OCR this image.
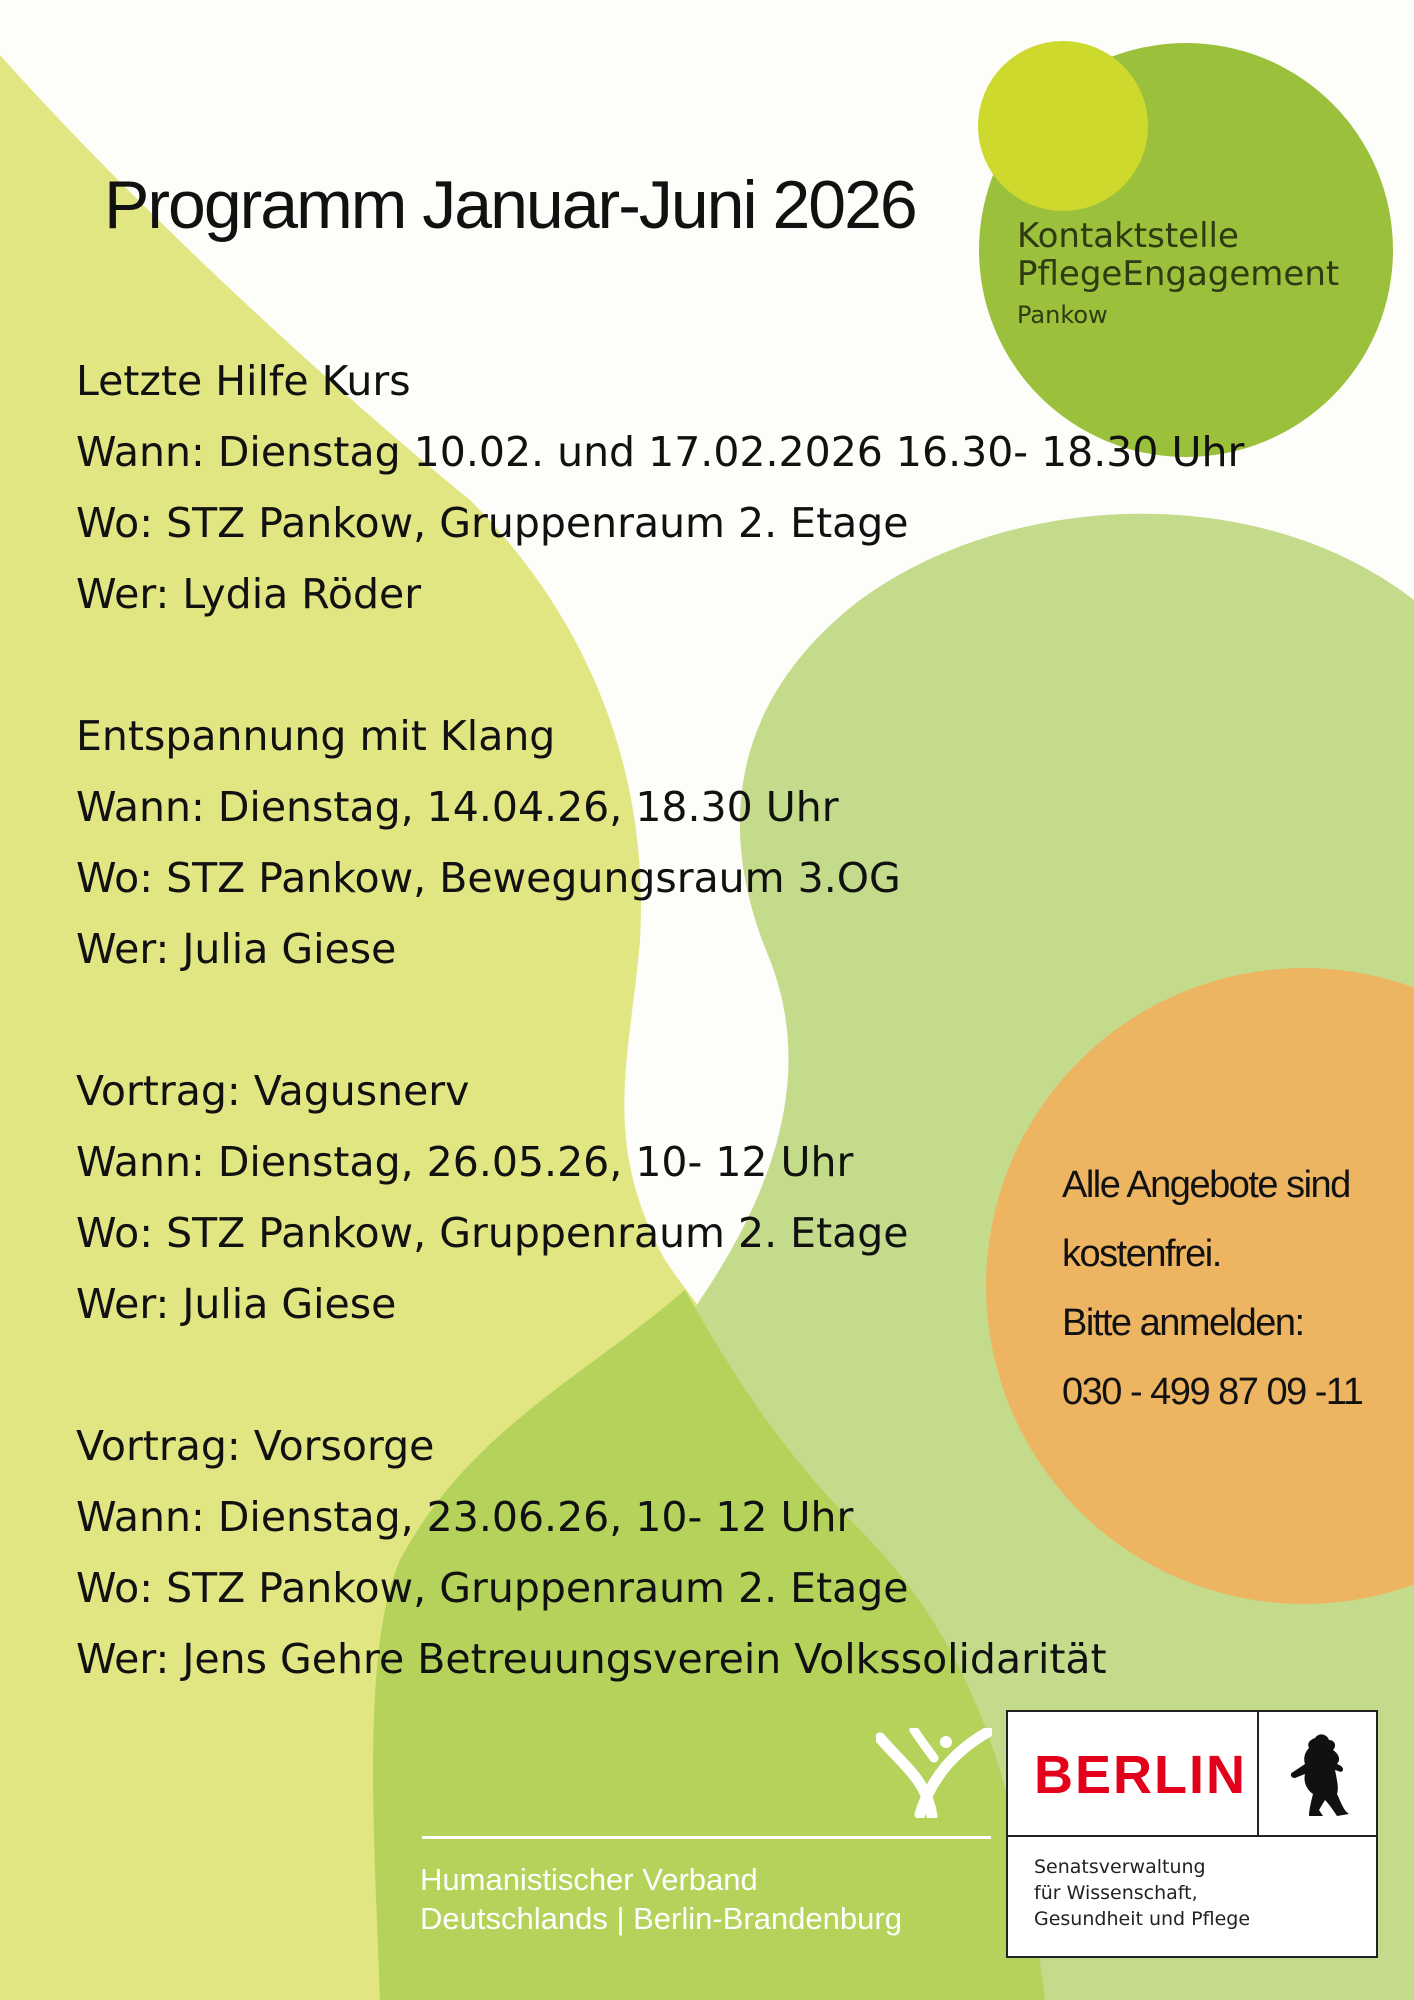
Programm Januar-Juni 2026	Kontaktstelle
PflegeEngagement
Pankow
Letzte Hilfe Kurs
Wann: Dienstag 10.02. und 17.02.2026 16.30- 18.30 Uhr
Wo: STZ Pankow, Gruppenraum 2. Etage
Wer: Lydia Röder
Entspannung mit Klang
Wann: Dienstag, 14.04.26, 18.30 Uhr
Wo: STZ Pankow, Bewegungsraum 3.OG
Wer: Julia Giese
Vortrag: Vagusnerv
Wann: Dienstag, 26.05.26, 10- 12 Uhr
Wo: STZ Pankow, Gruppenraum 2. Etage
Wer: Julia Giese
Vortrag: Vorsorge
Wann: Dienstag, 23.06.26, 10- 12 Uhr
Wo: STZ Pankow, Gruppenraum 2. Etage
Wer: Jens Gehre Betreuungsverein Volkssolidarität
Alle Angebote sind
kostenfrei.
Bitte anmelden:
030 - 499 87 09 -11
Humanistischer Verband
Deutschlands | Berlin-Brandenburg
BERLIN
Senatsverwaltung
für Wissenschaft,
Gesundheit und Pflege
